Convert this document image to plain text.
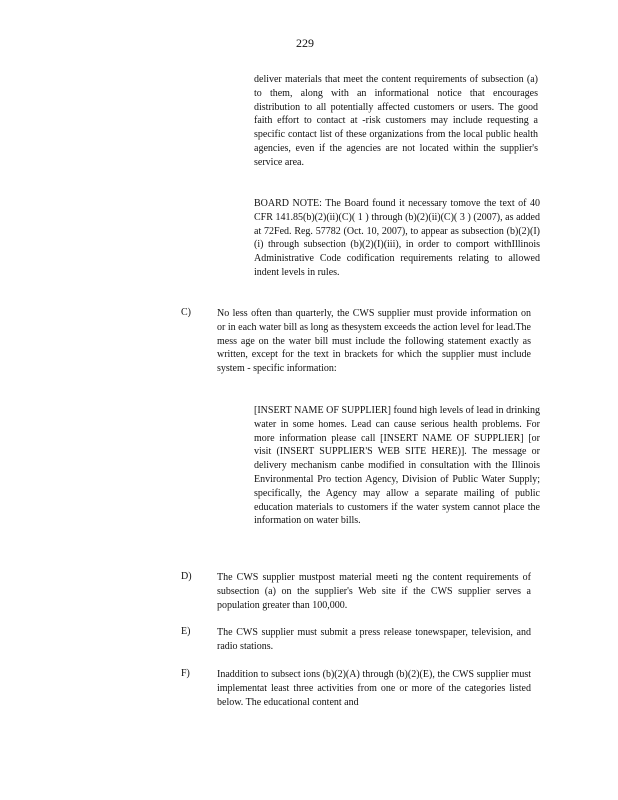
229
deliver materials that meet the content requirements of subsection (a) to them, along with an informational notice that encourages distribution to all potentially affected customers or users. The good faith effort to contact at -risk customers may include requesting a specific contact list of these organizations from the local public health agencies, even if the agencies are not located within the supplier's service area.
BOARD NOTE: The Board found it necessary tomove the text of 40 CFR 141.85(b)(2)(ii)(C)( 1 ) through (b)(2)(ii)(C)( 3 ) (2007), as added at 72Fed. Reg. 57782 (Oct. 10, 2007), to appear as subsection (b)(2)(I)(i) through subsection (b)(2)(I)(iii), in order to comport withIllinois Administrative Code codification requirements relating to allowed indent levels in rules.
C)	No less often than quarterly, the CWS supplier must provide information on or in each water bill as long as thesystem exceeds the action level for lead.The mess age on the water bill must include the following statement exactly as written, except for the text in brackets for which the supplier must include system - specific information:
[INSERT NAME OF SUPPLIER] found high levels of lead in drinking water in some homes. Lead can cause serious health problems. For more information please call [INSERT NAME OF SUPPLIER] [or visit (INSERT SUPPLIER'S WEB SITE HERE)]. The message or delivery mechanism canbe modified in consultation with the Illinois Environmental Pro tection Agency, Division of Public Water Supply; specifically, the Agency may allow a separate mailing of public education materials to customers if the water system cannot place the information on water bills.
D)	The CWS supplier mustpost material meeti ng the content requirements of subsection (a) on the supplier's Web site if the CWS supplier serves a population greater than 100,000.
E)	The CWS supplier must submit a press release tonewspaper, television, and radio stations.
F)	Inaddition to subsect ions (b)(2)(A) through (b)(2)(E), the CWS supplier must implementat least three activities from one or more of the categories listed below. The educational content and
